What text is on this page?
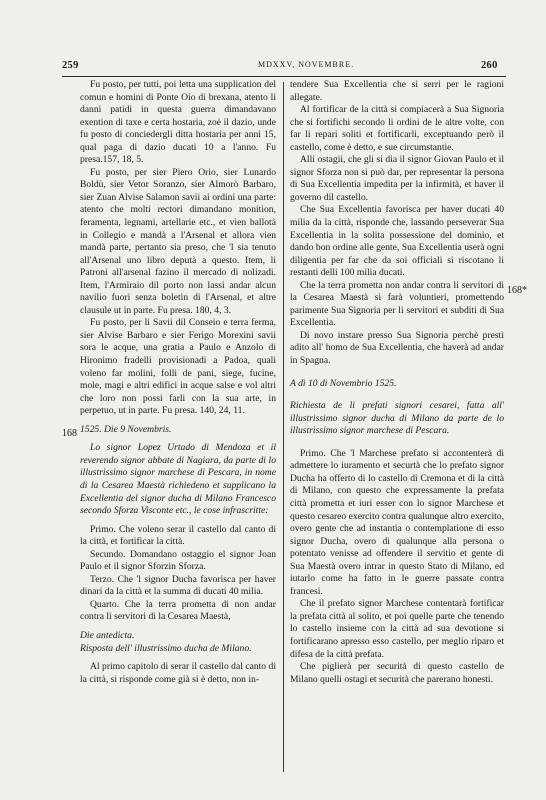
259	MDXXV, NOVEMBRE.	260
168
168*

Fu posto, per tutti, poi letta una supplication del comun e homini di Ponte Oio di brexana, atento li danni patidi in questa guerra dimandavano exention di taxe e certa hostaria, zoè il dazio, unde fu posto di conciedergli ditta hostaria per anni 15, qual paga di dazio ducati 10 a l'anno. Fu presa.157, 18, 5.

Fu posto, per sier Piero Orio, sier Lunardo Boldù, sier Vetor Soranzo, sier Almorò Barbaro, sier Zuan Alvise Salamon savii ai ordini una parte: atento che molti rectori dimandano monition, feramenta, legnami, artellarie etc., et vien ballotà in Collegio e mandà a l'Arsenal et allora vien mandà parte, pertanto sia preso, che 'l sia tenuto all'Arsenal uno libro deputà a questo. Item, li Patroni all'arsenal fazino il mercado di nolizadi. Item, l'Armiraio dil porto non lassi andar alcun navilio fuori senza boletin di l'Arsenal, et altre clausule ut in parte. Fu presa. 180, 4, 3.

Fu posto, per li Savii dil Conseio e terra ferma, sier Alvise Barbaro e sier Ferigo Morexini savii sora le acque, una gratia a Paulo e Anzolo di Hironimo fradelli provisionadi a Padoa, quali voleno far molini, folli de pani, siege, fucine, mole, magi e altri edifici in acque salse e vol altri che loro non possi farli con la sua arte, in perpetuo, ut in parte. Fu presa. 140, 24, 11.

1525. Die 9 Novembris.

Lo signor Lopez Urtado di Mendoza et il reverendo signor abbate di Nagiara, da parte di lo illustrissimo signor marchese di Pescara, in nome di la Cesarea Maestà richiedeno et supplicano la Excellentia del signor ducha di Milano Francesco secondo Sforza Visconte etc., le cose infrascritte:

Primo. Che voleno serar il castello dal canto di la città, et fortificar la città.

Secundo. Domandano ostaggio el signor Joan Paulo et il signor Sforzin Sforza.

Terzo. Che 'l signor Ducha favorisca per haver dinari da la città et la summa di ducati 40 milia.

Quarto. Che la terra prometta di non andar contra li servitori di la Cesarea Maestà,

Die antedicta.

Risposta dell' illustrissimo ducha de Milano.

Al primo capitolo di serar il castello dal canto di la città, si risponde come già si è detto, non in-

tendere Sua Excellentia che si serri per le ragioni allegate.

Al fortificar de la città si compiacerà a Sua Signoria che si fortifichi secondo li ordini de le altre volte, con far li repari soliti et fortificarli, exceptuando però il castello, come è detto, e sue circumstantie.

Alli ostagii, che gli si dia il signor Giovan Paulo et il signor Sforza non si può dar, per representar la persona di Sua Excellentia impedita per la infirmità, et haver il governo dil castello.

Che Sua Excellentia favorisca per haver ducati 40 milia da la città, risponde che, lassando perseverar Sua Excellentia in la solita possessione del dominio, et dando bon ordine alle gente, Sua Excellentia userà ogni diligentia per far che da soi officiali si riscotano li restanti delli 100 milia ducati.

Che la terra prometta non andar contra li servitori di la Cesarea Maestà si farà voluntieri, promettendo parimente Sua Signoria per li servitori et subditi di Sua Excellentia.

Di novo instare presso Sua Signoria perchè prestì adito all' homo de Sua Excellentia, che haverà ad andar in Spagna.

A dì 10 di Novembrio 1525.

Richiesta de li prefati signori cesarei, fatta all' illustrissimo signor ducha di Milano da parte de lo illustrissimo signor marchese di Pescara.

Primo. Che 'l Marchese prefato si accontenterà di admettere lo iuramento et securtà che lo prefato signor Ducha ha offerto di lo castello di Cremona et di la città di Milano, con questo che expressamente la prefata città prometta et iuri esser con lo signor Marchese et questo cesareo exercito contra qualunque altro exercito, overo gente che ad instantia o contemplatione di esso signor Ducha, overo di qualunque alla persona o potentato venisse ad offendere il servitio et gente di Sua Maestà overo intrar in questo Stato di Milano, ed iutarlo come ha fatto in le guerre passate contra francesi.

Che il prefato signor Marchese contentarà fortificar la prefata città al solito, et poi quelle parte che tenendo lo castello insieme con la città ad sua devotione si fortificarano apresso esso castello, per meglio riparo et difesa de la città prefata.

Che piglierà per securità di questo castello de Milano quelli ostagi et securità che parerano honesti.
